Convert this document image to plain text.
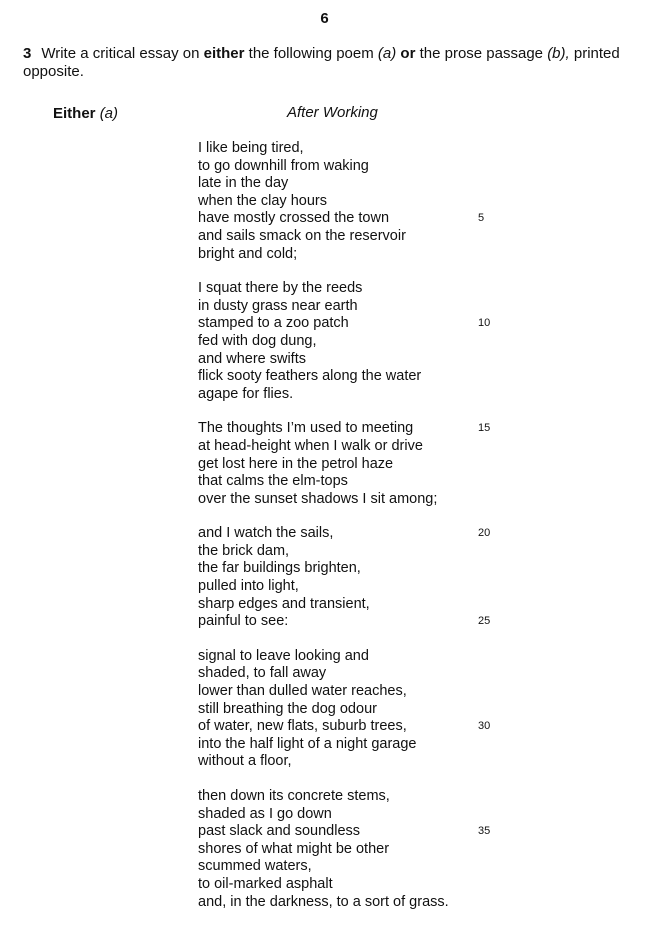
6
3 Write a critical essay on either the following poem (a) or the prose passage (b), printed opposite.
Either (a)	After Working
I like being tired,
to go downhill from waking
late in the day
when the clay hours
have mostly crossed the town	5
and sails smack on the reservoir
bright and cold;
I squat there by the reeds
in dusty grass near earth
stamped to a zoo patch	10
fed with dog dung,
and where swifts
flick sooty feathers along the water
agape for flies.
The thoughts I’m used to meeting	15
at head-height when I walk or drive
get lost here in the petrol haze
that calms the elm-tops
over the sunset shadows I sit among;
and I watch the sails,	20
the brick dam,
the far buildings brighten,
pulled into light,
sharp edges and transient,
painful to see:	25
signal to leave looking and
shaded, to fall away
lower than dulled water reaches,
still breathing the dog odour
of water, new flats, suburb trees,	30
into the half light of a night garage
without a floor,
then down its concrete stems,
shaded as I go down
past slack and soundless	35
shores of what might be other
scummed waters,
to oil-marked asphalt
and, in the darkness, to a sort of grass.
